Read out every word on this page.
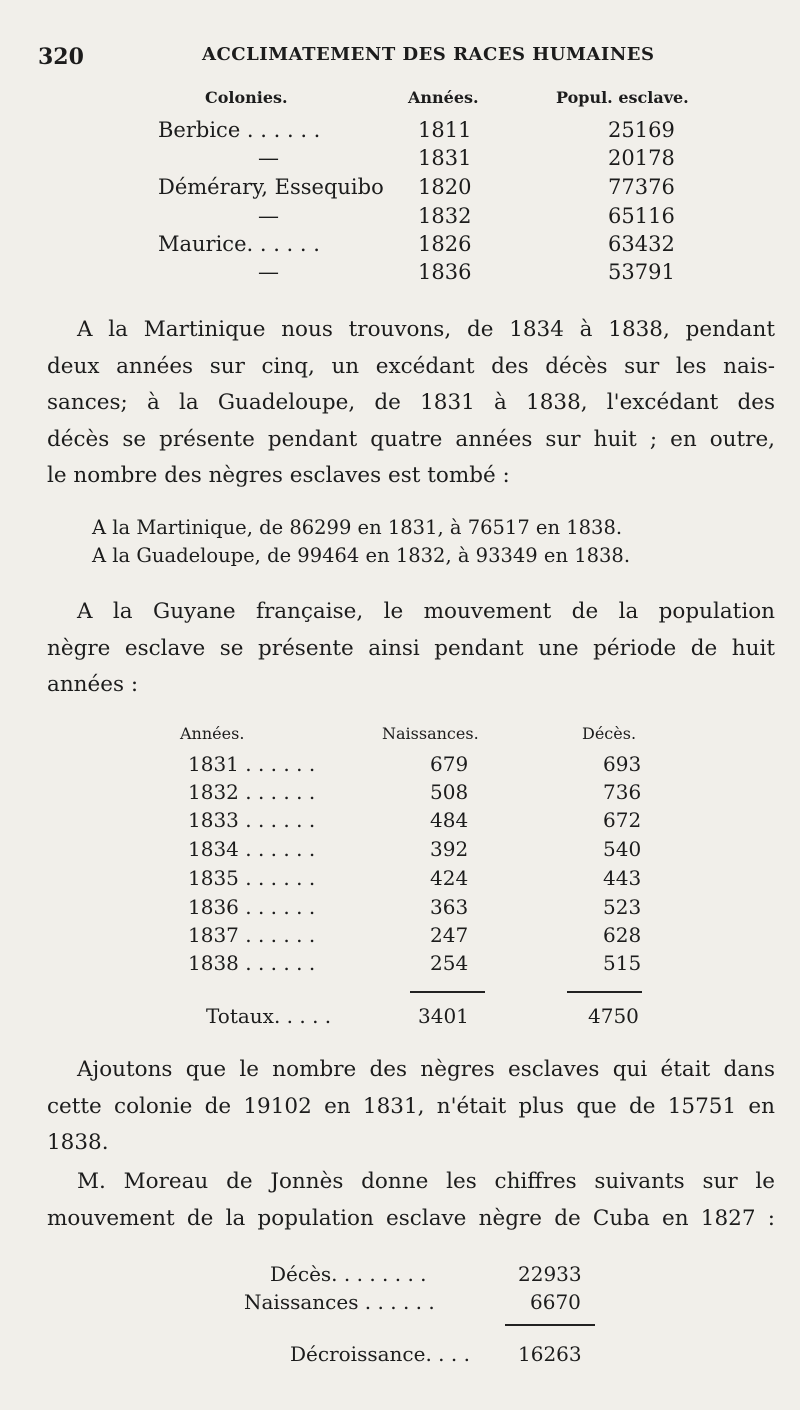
320	ACCLIMATEMENT DES RACES HUMAINES
Colonies.	Années.	Popul. esclave.
Berbice . . . . . .	1811	25169
—	1831	20178
Démérary, Essequibo 1820	77376
—	1832	65116
Maurice. . . . . .	1826	63432
—	1836	53791
A la Martinique nous trouvons, de 1834 à 1838, pendant
deux années sur cinq, un excédant des décès sur les nais-
sances; à la Guadeloupe, de 1831 à 1838, l'excédant des
décès se présente pendant quatre années sur huit ; en outre,
le nombre des nègres esclaves est tombé :
A la Martinique, de 86299 en 1831, à 76517 en 1838.
A la Guadeloupe, de 99464 en 1832, à 93349 en 1838.
A la Guyane française, le mouvement de la population
nègre esclave se présente ainsi pendant une période de huit
années :
Années.	Naissances.	Décès.
1831 . . . . . .	679	693
1832 . . . . . .	508	736
1833 . . . . . .	484	672
1834 . . . . . .	392	540
1835 . . . . . .	424	443
1836 . . . . . .	363	523
1837 . . . . . .	247	628
1838 . . . . . .	254	515
Totaux. . . . .	3401	4750
Ajoutons que le nombre des nègres esclaves qui était dans
cette colonie de 19102 en 1831, n'était plus que de 15751 en
1838.
M. Moreau de Jonnès donne les chiffres suivants sur le
mouvement de la population esclave nègre de Cuba en 1827 :
Décès. . . . . . . .	22933
Naissances . . . . . .	6670
Décroissance. . . . 16263
